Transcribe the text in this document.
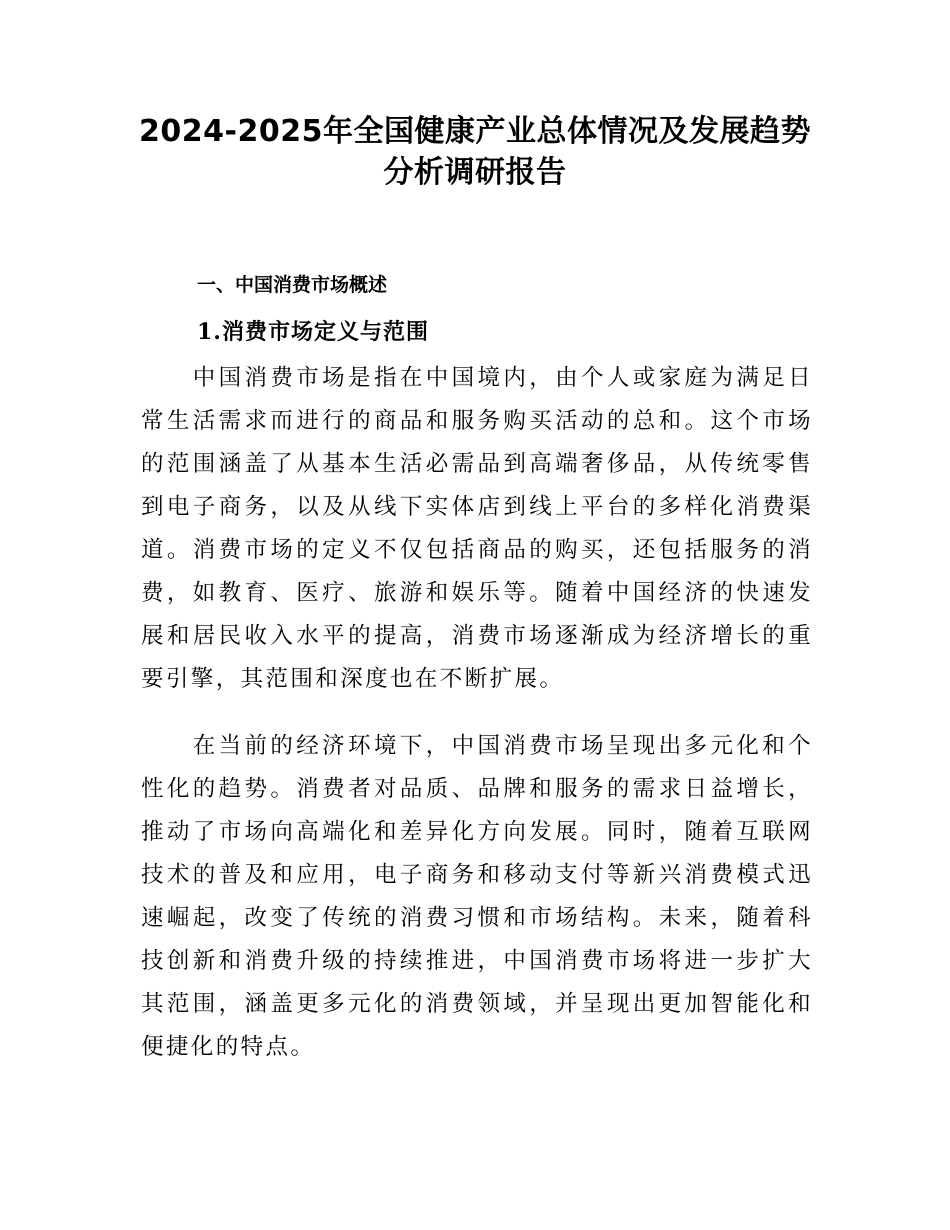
2024-2025年全国健康产业总体情况及发展趋势
分析调研报告
一、中国消费市场概述
1.消费市场定义与范围

中国消费市场是指在中国境内，由个人或家庭为满足日常生活需求而进行的商品和服务购买活动的总和。这个市场的范围涵盖了从基本生活必需品到高端奢侈品，从传统零售到电子商务，以及从线下实体店到线上平台的多样化消费渠道。消费市场的定义不仅包括商品的购买，还包括服务的消费，如教育、医疗、旅游和娱乐等。随着中国经济的快速发展和居民收入水平的提高，消费市场逐渐成为经济增长的重要引擎，其范围和深度也在不断扩展。

在当前的经济环境下，中国消费市场呈现出多元化和个性化的趋势。消费者对品质、品牌和服务的需求日益增长，推动了市场向高端化和差异化方向发展。同时，随着互联网技术的普及和应用，电子商务和移动支付等新兴消费模式迅速崛起，改变了传统的消费习惯和市场结构。未来，随着科技创新和消费升级的持续推进，中国消费市场将进一步扩大其范围，涵盖更多元化的消费领域，并呈现出更加智能化和便捷化的特点。
